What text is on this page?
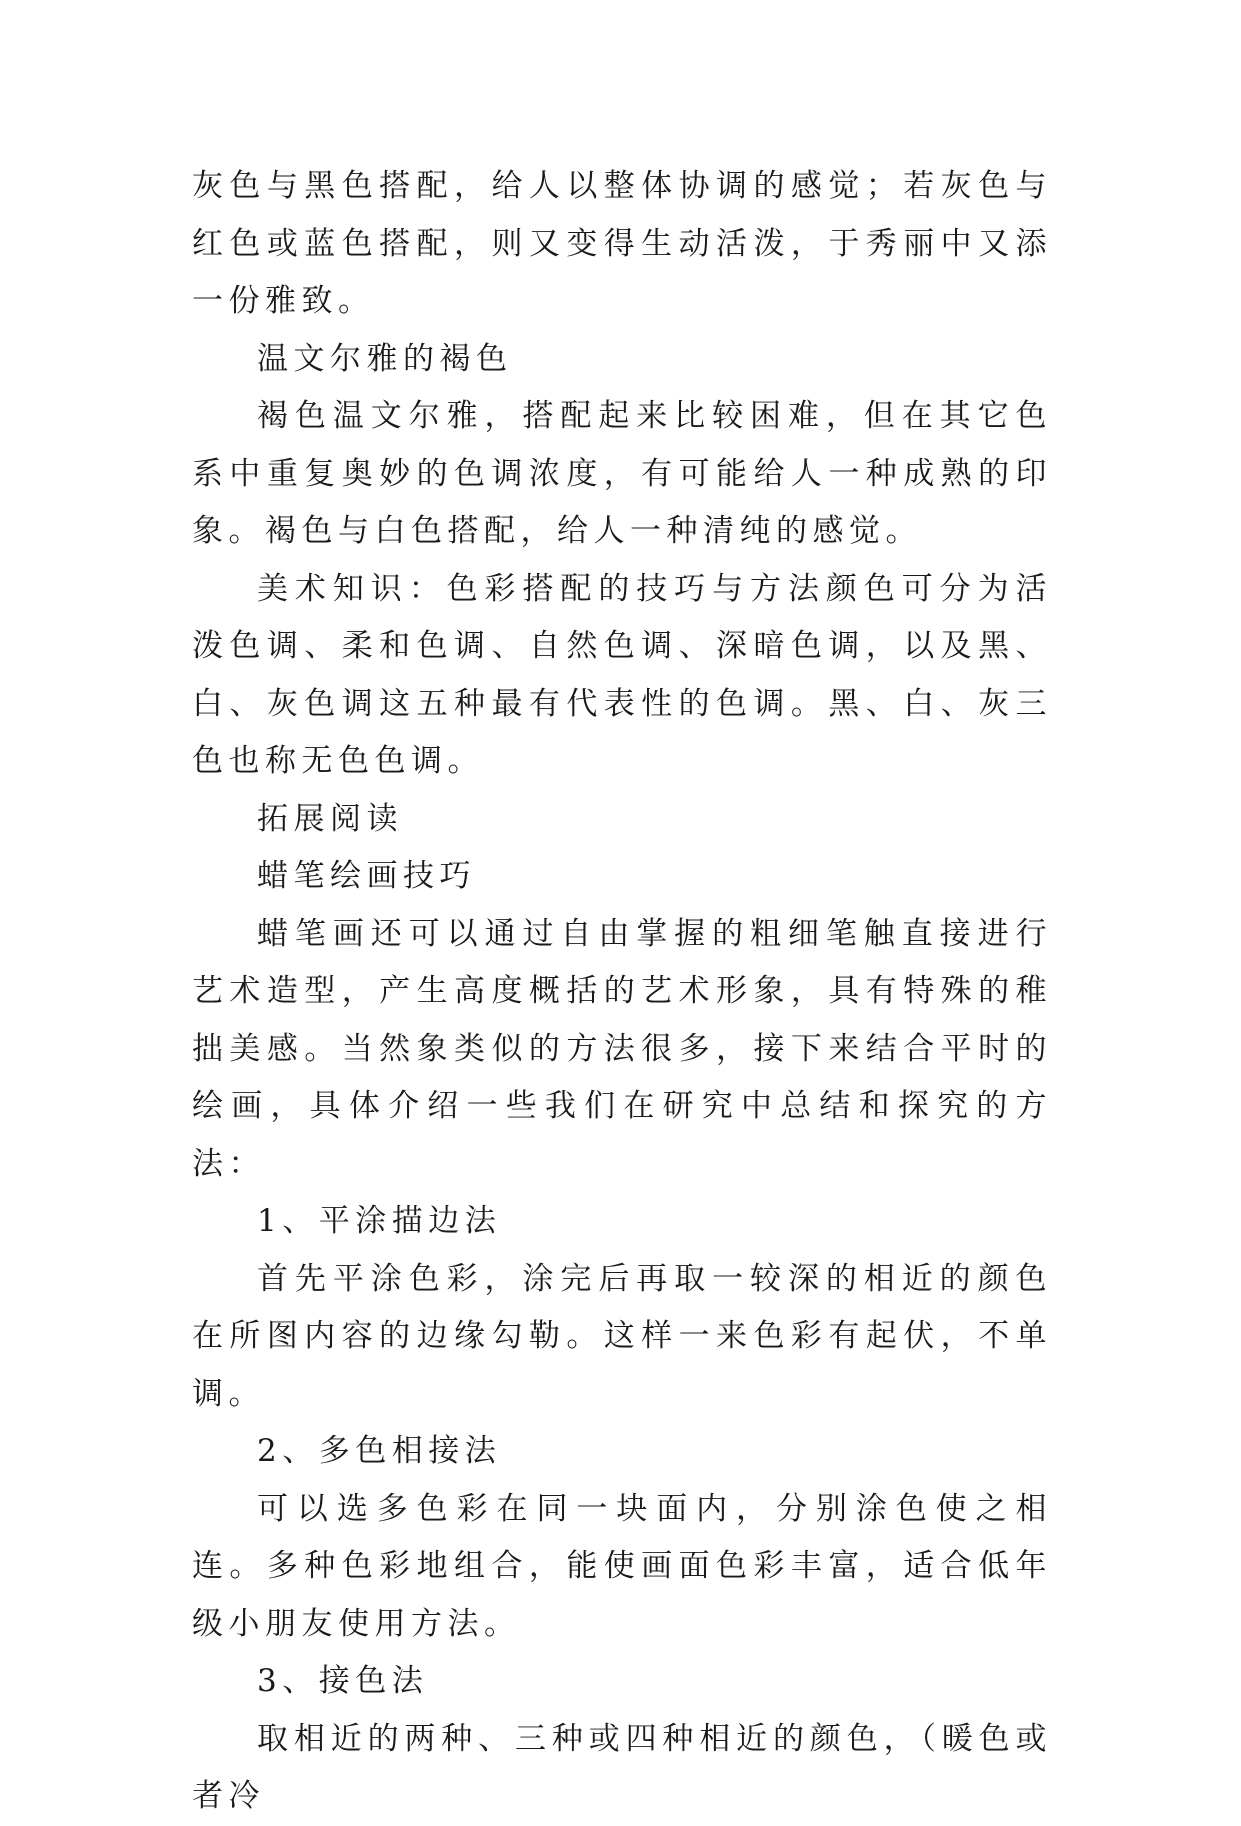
灰色与黑色搭配，给人以整体协调的感觉；若灰色与红色或蓝色搭配，则又变得生动活泼，于秀丽中又添一份雅致。

温文尔雅的褐色

褐色温文尔雅，搭配起来比较困难，但在其它色系中重复奥妙的色调浓度，有可能给人一种成熟的印象。褐色与白色搭配，给人一种清纯的感觉。

美术知识：色彩搭配的技巧与方法颜色可分为活泼色调、柔和色调、自然色调、深暗色调，以及黑、白、灰色调这五种最有代表性的色调。黑、白、灰三色也称无色色调。

拓展阅读

蜡笔绘画技巧

蜡笔画还可以通过自由掌握的粗细笔触直接进行艺术造型，产生高度概括的艺术形象，具有特殊的稚拙美感。当然象类似的方法很多，接下来结合平时的绘画，具体介绍一些我们在研究中总结和探究的方法：

1、平涂描边法

首先平涂色彩，涂完后再取一较深的相近的颜色在所图内容的边缘勾勒。这样一来色彩有起伏，不单调。

2、多色相接法

可以选多色彩在同一块面内，分别涂色使之相连。多种色彩地组合，能使画面色彩丰富，适合低年级小朋友使用方法。

3、接色法

取相近的两种、三种或四种相近的颜色，（暖色或者冷
